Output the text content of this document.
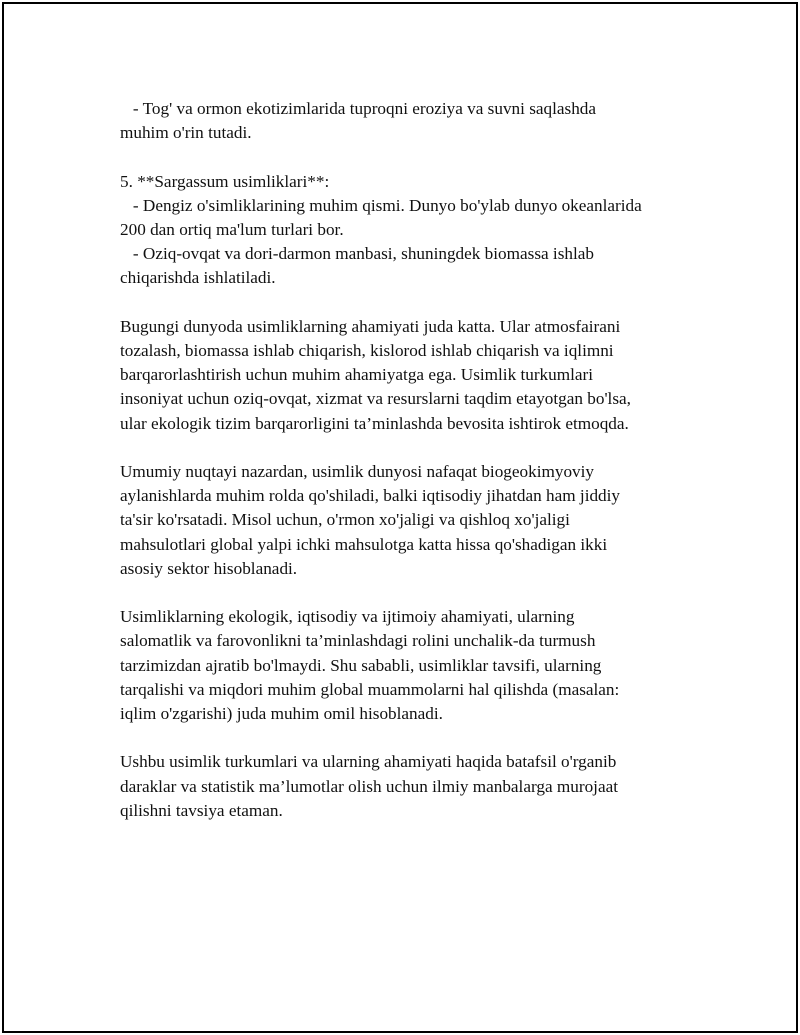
- Tog' va ormon ekotizimlarida tuproqni eroziya va suvni saqlashda
muhim o'rin tutadi.
5. **Sargassum usimliklari**:
- Dengiz o'simliklarining muhim qismi. Dunyo bo'ylab dunyo okeanlarida
200 dan ortiq ma'lum turlari bor.
- Oziq-ovqat va dori-darmon manbasi, shuningdek biomassa ishlab
chiqarishda ishlatiladi.
Bugungi dunyoda usimliklarning ahamiyati juda katta. Ular atmosfairani
tozalash, biomassa ishlab chiqarish, kislorod ishlab chiqarish va iqlimni
barqarorlashtirish uchun muhim ahamiyatga ega. Usimlik turkumlari
insoniyat uchun oziq-ovqat, xizmat va resurslarni taqdim etayotgan bo'lsa,
ular ekologik tizim barqarorligini ta’minlashda bevosita ishtirok etmoqda.
Umumiy nuqtayi nazardan, usimlik dunyosi nafaqat biogeokimyoviy
aylanishlarda muhim rolda qo'shiladi, balki iqtisodiy jihatdan ham jiddiy
ta'sir ko'rsatadi. Misol uchun, o'rmon xo'jaligi va qishloq xo'jaligi
mahsulotlari global yalpi ichki mahsulotga katta hissa qo'shadigan ikki
asosiy sektor hisoblanadi.
Usimliklarning ekologik, iqtisodiy va ijtimoiy ahamiyati, ularning
salomatlik va farovonlikni ta’minlashdagi rolini unchalik-da turmush
tarzimizdan ajratib bo'lmaydi. Shu sababli, usimliklar tavsifi, ularning
tarqalishi va miqdori muhim global muammolarni hal qilishda (masalan:
iqlim o'zgarishi) juda muhim omil hisoblanadi.
Ushbu usimlik turkumlari va ularning ahamiyati haqida batafsil o'rganib
daraklar va statistik ma’lumotlar olish uchun ilmiy manbalarga murojaat
qilishni tavsiya etaman.
